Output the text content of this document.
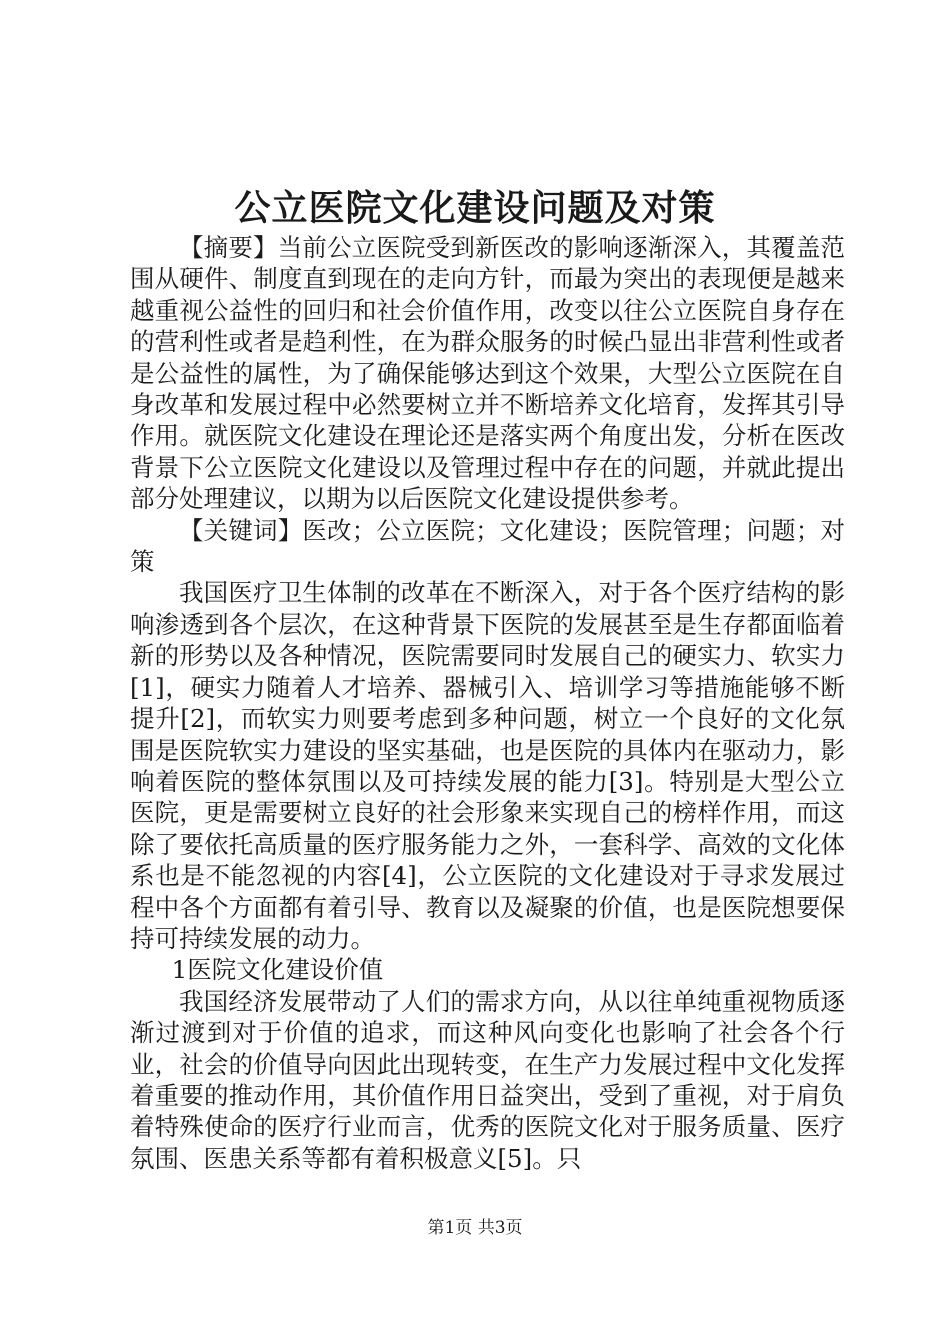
公立医院文化建设问题及对策

【摘要】当前公立医院受到新医改的影响逐渐深入，其覆盖范围从硬件、制度直到现在的走向方针，而最为突出的表现便是越来越重视公益性的回归和社会价值作用，改变以往公立医院自身存在的营利性或者是趋利性，在为群众服务的时候凸显出非营利性或者是公益性的属性，为了确保能够达到这个效果，大型公立医院在自身改革和发展过程中必然要树立并不断培养文化培育，发挥其引导作用。就医院文化建设在理论还是落实两个角度出发，分析在医改背景下公立医院文化建设以及管理过程中存在的问题，并就此提出部分处理建议，以期为以后医院文化建设提供参考。

【关键词】医改；公立医院；文化建设；医院管理；问题；对策

我国医疗卫生体制的改革在不断深入，对于各个医疗结构的影响渗透到各个层次，在这种背景下医院的发展甚至是生存都面临着新的形势以及各种情况，医院需要同时发展自己的硬实力、软实力[1]，硬实力随着人才培养、器械引入、培训学习等措施能够不断提升[2]，而软实力则要考虑到多种问题，树立一个良好的文化氛围是医院软实力建设的坚实基础，也是医院的具体内在驱动力，影响着医院的整体氛围以及可持续发展的能力[3]。特别是大型公立医院，更是需要树立良好的社会形象来实现自己的榜样作用，而这除了要依托高质量的医疗服务能力之外，一套科学、高效的文化体系也是不能忽视的内容[4]，公立医院的文化建设对于寻求发展过程中各个方面都有着引导、教育以及凝聚的价值，也是医院想要保持可持续发展的动力。

1医院文化建设价值

我国经济发展带动了人们的需求方向，从以往单纯重视物质逐渐过渡到对于价值的追求，而这种风向变化也影响了社会各个行业，社会的价值导向因此出现转变，在生产力发展过程中文化发挥着重要的推动作用，其价值作用日益突出，受到了重视，对于肩负着特殊使命的医疗行业而言，优秀的医院文化对于服务质量、医疗氛围、医患关系等都有着积极意义[5]。只

第1页 共3页
